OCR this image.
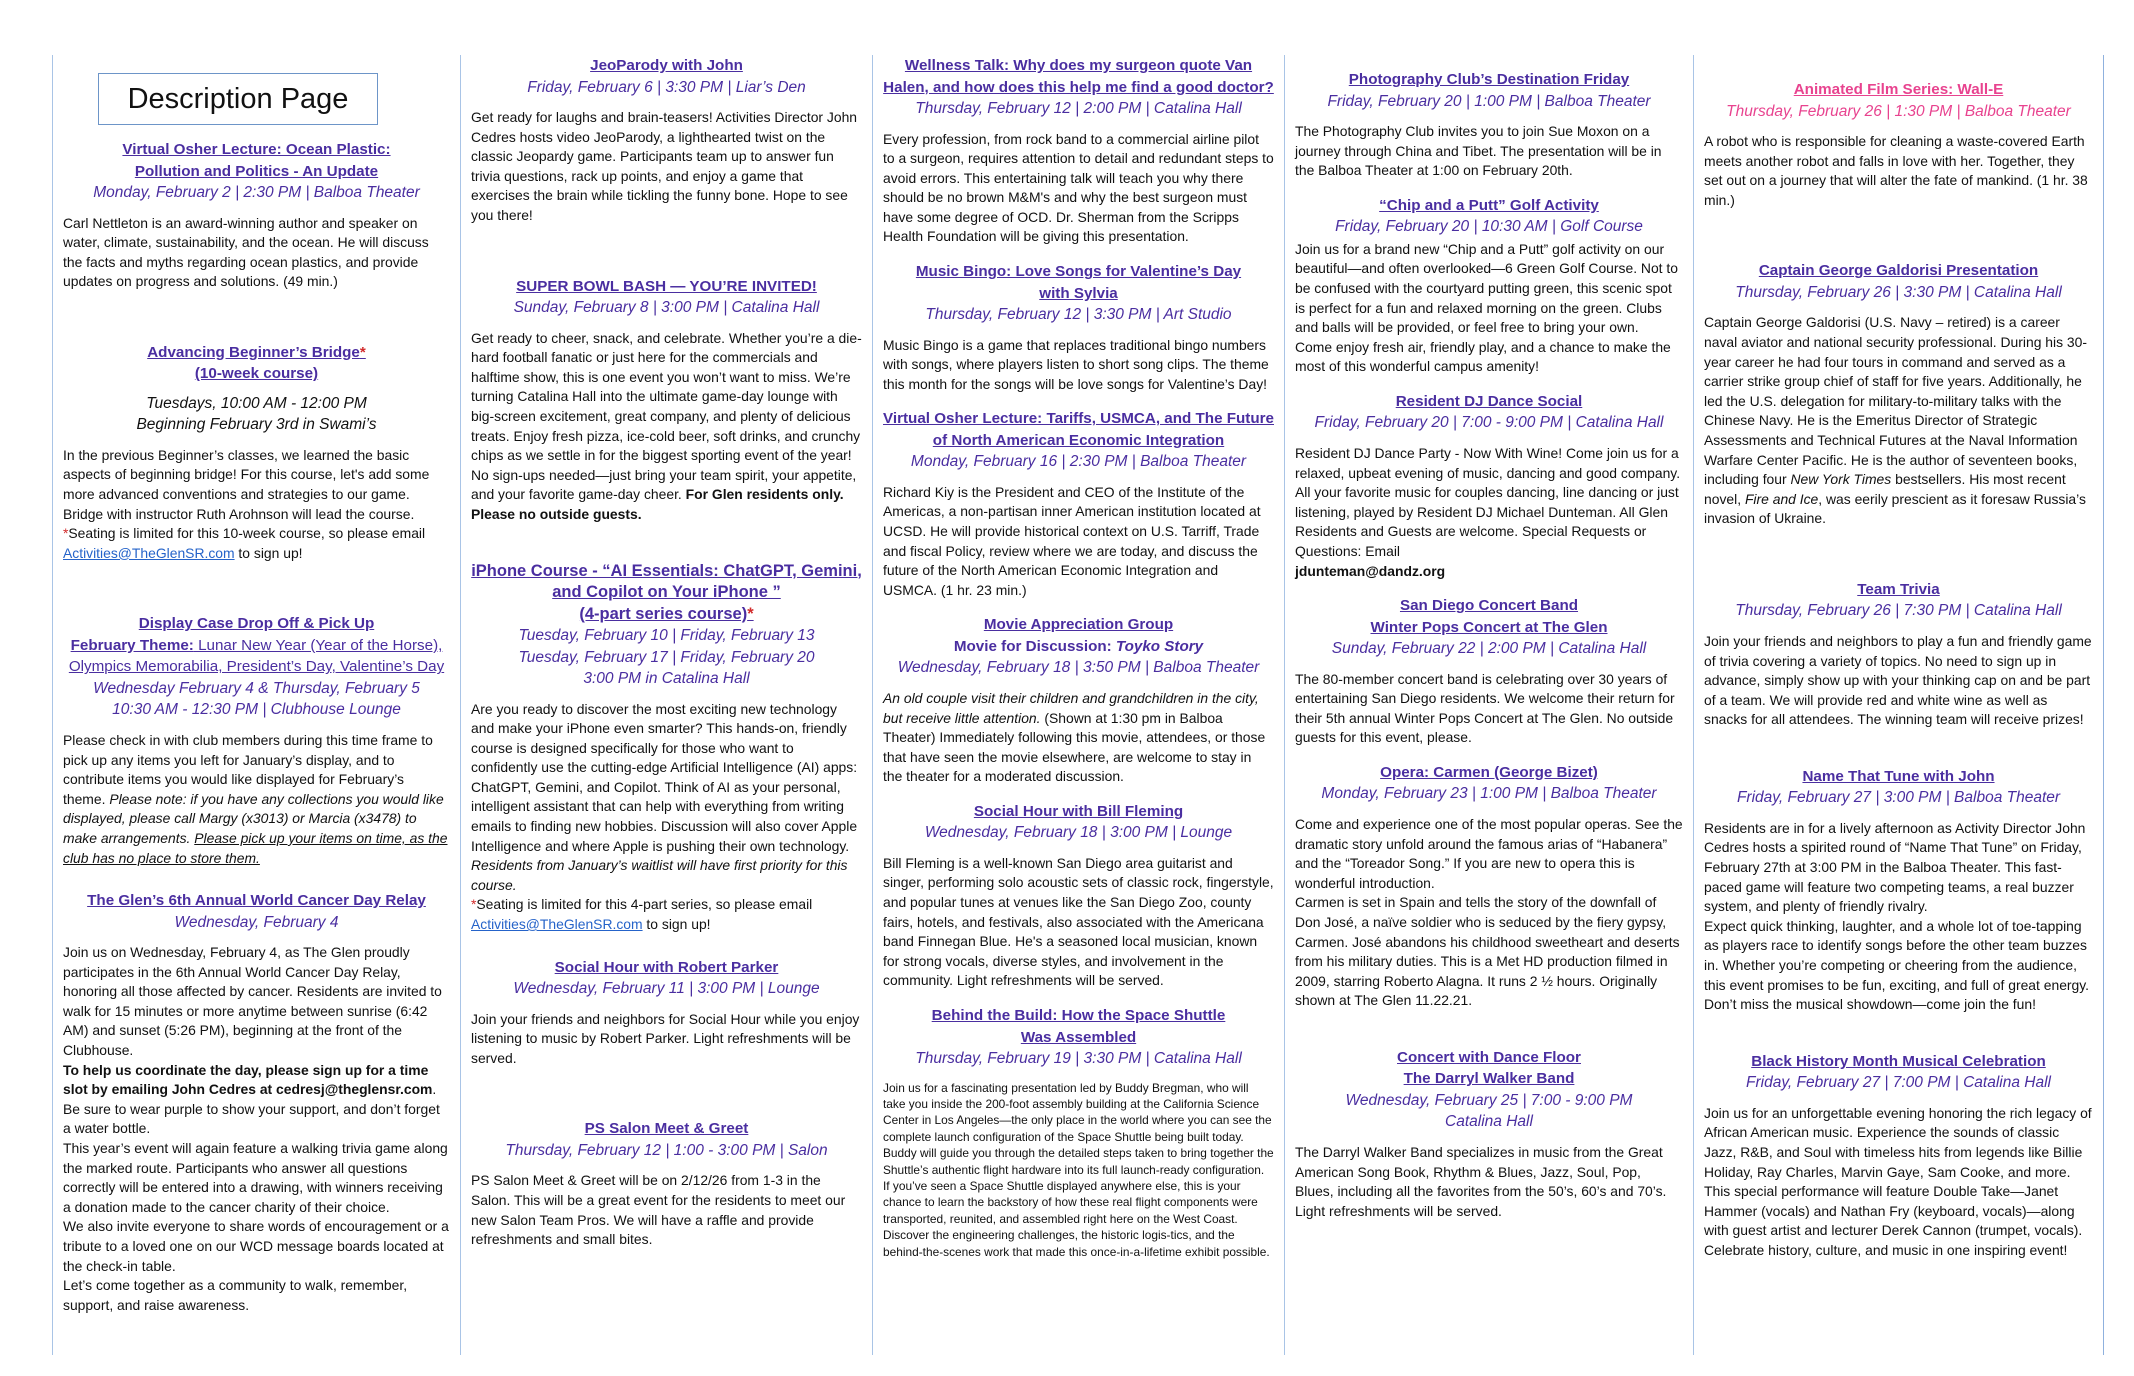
Description Page
Virtual Osher Lecture: Ocean Plastic:
Pollution and Politics - An Update
Monday, February 2 | 2:30 PM | Balboa Theater
Carl Nettleton is an award-winning author and speaker on water, climate, sustainability, and the ocean. He will discuss the facts and myths regarding ocean plastics, and provide updates on progress and solutions. (49 min.)
Advancing Beginner’s Bridge*
(10-week course)
Tuesdays, 10:00 AM - 12:00 PM
Beginning February 3rd in Swami’s
In the previous Beginner’s classes, we learned the basic aspects of beginning bridge! For this course, let's add some more advanced conventions and strategies to our game. Bridge with instructor Ruth Arohnson will lead the course.
*Seating is limited for this 10-week course, so please email
Activities@TheGlenSR.com to sign up!
Display Case Drop Off & Pick Up
February Theme: Lunar New Year (Year of the Horse),
Olympics Memorabilia, President’s Day, Valentine’s Day
Wednesday February 4 & Thursday, February 5
10:30 AM - 12:30 PM | Clubhouse Lounge
Please check in with club members during this time frame to pick up any items you left for January’s display, and to contribute items you would like displayed for February’s theme. Please note: if you have any collections you would like displayed, please call Margy (x3013) or Marcia (x3478) to make arrangements. Please pick up your items on time, as the club has no place to store them.
The Glen’s 6th Annual World Cancer Day Relay
Wednesday, February 4

Join us on Wednesday, February 4, as The Glen proudly participates in the 6th Annual World Cancer Day Relay, honoring all those affected by cancer. Residents are invited to walk for 15 minutes or more anytime between sunrise (6:42 AM) and sunset (5:26 PM), beginning at the front of the Clubhouse.

To help us coordinate the day, please sign up for a time slot by emailing John Cedres at cedresj@theglensr.com.

Be sure to wear purple to show your support, and don’t forget a water bottle.

This year’s event will again feature a walking trivia game along the marked route. Participants who answer all questions correctly will be entered into a drawing, with winners receiving a donation made to the cancer charity of their choice.

We also invite everyone to share words of encouragement or a tribute to a loved one on our WCD message boards located at the check-in table.

Let’s come together as a community to walk, remember, support, and raise awareness.

JeoParody with John
Friday, February 6 | 3:30 PM | Liar’s Den
Get ready for laughs and brain-teasers! Activities Director John Cedres hosts video JeoParody, a lighthearted twist on the classic Jeopardy game. Participants team up to answer fun trivia questions, rack up points, and enjoy a game that exercises the brain while tickling the funny bone. Hope to see you there!
SUPER BOWL BASH — YOU’RE INVITED!
Sunday, February 8 | 3:00 PM | Catalina Hall
Get ready to cheer, snack, and celebrate. Whether you’re a die-hard football fanatic or just here for the commercials and halftime show, this is one event you won’t want to miss. We’re turning Catalina Hall into the ultimate game-day lounge with big-screen excitement, great company, and plenty of delicious treats. Enjoy fresh pizza, ice-cold beer, soft drinks, and crunchy chips as we settle in for the biggest sporting event of the year! No sign-ups needed—just bring your team spirit, your appetite, and your favorite game-day cheer. For Glen residents only. Please no outside guests.
iPhone Course - “AI Essentials: ChatGPT, Gemini,
and Copilot on Your iPhone ”
(4-part series course)*
Tuesday, February 10 | Friday, February 13
Tuesday, February 17 | Friday, February 20
3:00 PM in Catalina Hall
Are you ready to discover the most exciting new technology and make your iPhone even smarter? This hands-on, friendly course is designed specifically for those who want to confidently use the cutting-edge Artificial Intelligence (AI) apps: ChatGPT, Gemini, and Copilot. Think of AI as your personal, intelligent assistant that can help with everything from writing emails to finding new hobbies. Discussion will also cover Apple Intelligence and where Apple is pushing their own technology. Residents from January’s waitlist will have first priority for this course.
*Seating is limited for this 4-part series, so please email
Activities@TheGlenSR.com to sign up!
Social Hour with Robert Parker
Wednesday, February 11 | 3:00 PM | Lounge
Join your friends and neighbors for Social Hour while you enjoy listening to music by Robert Parker. Light refreshments will be served.
PS Salon Meet & Greet
Thursday, February 12 | 1:00 - 3:00 PM | Salon
PS Salon Meet & Greet will be on 2/12/26 from 1-3 in the Salon. This will be a great event for the residents to meet our new Salon Team Pros. We will have a raffle and provide refreshments and small bites.
Wellness Talk: Why does my surgeon quote Van
Halen, and how does this help me find a good doctor?
Thursday, February 12 | 2:00 PM | Catalina Hall
Every profession, from rock band to a commercial airline pilot to a surgeon, requires attention to detail and redundant steps to avoid errors. This entertaining talk will teach you why there should be no brown M&M's and why the best surgeon must have some degree of OCD. Dr. Sherman from the Scripps Health Foundation will be giving this presentation.
Music Bingo: Love Songs for Valentine’s Day
with Sylvia
Thursday, February 12 | 3:30 PM | Art Studio
Music Bingo is a game that replaces traditional bingo numbers with songs, where players listen to short song clips. The theme this month for the songs will be love songs for Valentine’s Day!
Virtual Osher Lecture: Tariffs, USMCA, and The Future
of North American Economic Integration
Monday, February 16 | 2:30 PM | Balboa Theater
Richard Kiy is the President and CEO of the Institute of the Americas, a non-partisan inner American institution located at UCSD. He will provide historical context on U.S. Tarriff, Trade and fiscal Policy, review where we are today, and discuss the future of the North American Economic Integration and USMCA. (1 hr. 23 min.)
Movie Appreciation Group
Movie for Discussion: Toyko Story
Wednesday, February 18 | 3:50 PM | Balboa Theater
An old couple visit their children and grandchildren in the city, but receive little attention. (Shown at 1:30 pm in Balboa Theater) Immediately following this movie, attendees, or those that have seen the movie elsewhere, are welcome to stay in the theater for a moderated discussion.
Social Hour with Bill Fleming
Wednesday, February 18 | 3:00 PM | Lounge
Bill Fleming is a well-known San Diego area guitarist and singer, performing solo acoustic sets of classic rock, fingerstyle, and popular tunes at venues like the San Diego Zoo, county fairs, hotels, and festivals, also associated with the Americana band Finnegan Blue. He's a seasoned local musician, known for strong vocals, diverse styles, and involvement in the community. Light refreshments will be served.
Behind the Build: How the Space Shuttle
Was Assembled
Thursday, February 19 | 3:30 PM | Catalina Hall
Join us for a fascinating presentation led by Buddy Bregman, who will take you inside the 200-foot assembly building at the California Science Center in Los Angeles—the only place in the world where you can see the complete launch configuration of the Space Shuttle being built today. Buddy will guide you through the detailed steps taken to bring together the Shuttle’s authentic flight hardware into its full launch-ready configuration. If you’ve seen a Space Shuttle displayed anywhere else, this is your chance to learn the backstory of how these real flight components were transported, reunited, and assembled right here on the West Coast. Discover the engineering challenges, the historic logis-tics, and the behind-the-scenes work that made this once-in-a-lifetime exhibit possible.
Photography Club’s Destination Friday
Friday, February 20 | 1:00 PM | Balboa Theater
The Photography Club invites you to join Sue Moxon on a journey through China and Tibet. The presentation will be in the Balboa Theater at 1:00 on February 20th.
“Chip and a Putt” Golf Activity
Friday, February 20 | 10:30 AM | Golf Course

Join us for a brand new “Chip and a Putt” golf activity on our beautiful—and often overlooked—6 Green Golf Course. Not to be confused with the courtyard putting green, this scenic spot is perfect for a fun and relaxed morning on the green. Clubs and balls will be provided, or feel free to bring your own.

Come enjoy fresh air, friendly play, and a chance to make the most of this wonderful campus amenity!

Resident DJ Dance Social
Friday, February 20 | 7:00 - 9:00 PM | Catalina Hall
Resident DJ Dance Party - Now With Wine! Come join us for a relaxed, upbeat evening of music, dancing and good company. All your favorite music for couples dancing, line dancing or just listening, played by Resident DJ Michael Dunteman. All Glen Residents and Guests are welcome. Special Requests or Questions: Email
jdunteman@dandz.org
San Diego Concert Band
Winter Pops Concert at The Glen
Sunday, February 22 | 2:00 PM | Catalina Hall
The 80-member concert band is celebrating over 30 years of entertaining San Diego residents. We welcome their return for their 5th annual Winter Pops Concert at The Glen. No outside guests for this event, please.
Opera: Carmen (George Bizet)
Monday, February 23 | 1:00 PM | Balboa Theater

Come and experience one of the most popular operas. See the dramatic story unfold around the famous arias of “Habanera” and the “Toreador Song.” If you are new to opera this is wonderful introduction.

Carmen is set in Spain and tells the story of the downfall of Don José, a naïve soldier who is seduced by the fiery gypsy, Carmen. José abandons his childhood sweetheart and deserts from his military duties. This is a Met HD production filmed in 2009, starring Roberto Alagna. It runs 2 ½ hours. Originally shown at The Glen 11.22.21.

Concert with Dance Floor
The Darryl Walker Band
Wednesday, February 25 | 7:00 - 9:00 PM
Catalina Hall
The Darryl Walker Band specializes in music from the Great American Song Book, Rhythm & Blues, Jazz, Soul, Pop, Blues, including all the favorites from the 50’s, 60’s and 70’s. Light refreshments will be served.
Animated Film Series: Wall-E
Thursday, February 26 | 1:30 PM | Balboa Theater
A robot who is responsible for cleaning a waste-covered Earth meets another robot and falls in love with her. Together, they set out on a journey that will alter the fate of mankind. (1 hr. 38 min.)
Captain George Galdorisi Presentation
Thursday, February 26 | 3:30 PM | Catalina Hall
Captain George Galdorisi (U.S. Navy – retired) is a career naval aviator and national security professional. During his 30-year career he had four tours in command and served as a carrier strike group chief of staff for five years. Additionally, he led the U.S. delegation for military-to-military talks with the Chinese Navy. He is the Emeritus Director of Strategic Assessments and Technical Futures at the Naval Information Warfare Center Pacific. He is the author of seventeen books, including four New York Times bestsellers. His most recent novel, Fire and Ice, was eerily prescient as it foresaw Russia’s invasion of Ukraine.
Team Trivia
Thursday, February 26 | 7:30 PM | Catalina Hall
Join your friends and neighbors to play a fun and friendly game of trivia covering a variety of topics. No need to sign up in advance, simply show up with your thinking cap on and be part of a team. We will provide red and white wine as well as snacks for all attendees. The winning team will receive prizes!
Name That Tune with John
Friday, February 27 | 3:00 PM | Balboa Theater

Residents are in for a lively afternoon as Activity Director John Cedres hosts a spirited round of “Name That Tune” on Friday, February 27th at 3:00 PM in the Balboa Theater. This fast-paced game will feature two competing teams, a real buzzer system, and plenty of friendly rivalry.

Expect quick thinking, laughter, and a whole lot of toe-tapping as players race to identify songs before the other team buzzes in. Whether you’re competing or cheering from the audience, this event promises to be fun, exciting, and full of great energy.

Don’t miss the musical showdown—come join the fun!

Black History Month Musical Celebration
Friday, February 27 | 7:00 PM | Catalina Hall
Join us for an unforgettable evening honoring the rich legacy of African American music. Experience the sounds of classic Jazz, R&B, and Soul with timeless hits from legends like Billie Holiday, Ray Charles, Marvin Gaye, Sam Cooke, and more. This special performance will feature Double Take—Janet Hammer (vocals) and Nathan Fry (keyboard, vocals)—along with guest artist and lecturer Derek Cannon (trumpet, vocals). Celebrate history, culture, and music in one inspiring event!
